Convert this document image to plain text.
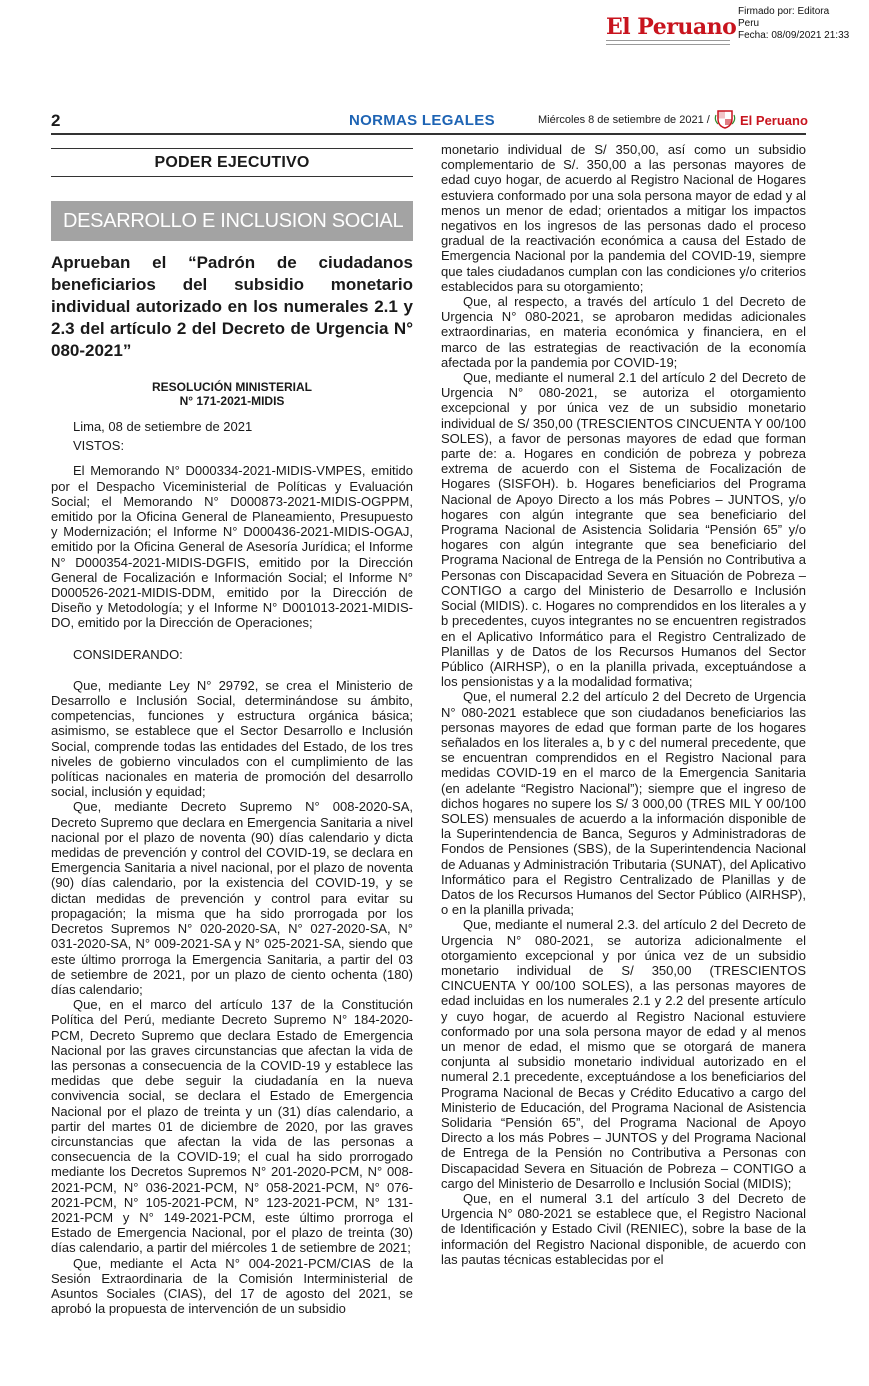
El Peruano
Firmado por: Editora
Peru
Fecha: 08/09/2021 21:33
2	NORMAS LEGALES	Miércoles 8 de setiembre de 2021 / El Peruano
PODER EJECUTIVO
DESARROLLO E INCLUSION SOCIAL
Aprueban el “Padrón de ciudadanos beneficiarios del subsidio monetario individual autorizado en los numerales 2.1 y 2.3 del artículo 2 del Decreto de Urgencia N° 080-2021”
RESOLUCIÓN MINISTERIAL
N° 171-2021-MIDIS

Lima, 08 de setiembre de 2021

VISTOS:

El Memorando N° D000334-2021-MIDIS-VMPES, emitido por el Despacho Viceministerial de Políticas y Evaluación Social; el Memorando N° D000873-2021-MIDIS-OGPPM, emitido por la Oficina General de Planeamiento, Presupuesto y Modernización; el Informe N° D000436-2021-MIDIS-OGAJ, emitido por la Oficina General de Asesoría Jurídica; el Informe N° D000354-2021-MIDIS-DGFIS, emitido por la Dirección General de Focalización e Información Social; el Informe N° D000526-2021-MIDIS-DDM, emitido por la Dirección de Diseño y Metodología; y el Informe N° D001013-2021-MIDIS-DO, emitido por la Dirección de Operaciones;

CONSIDERANDO:

Que, mediante Ley N° 29792, se crea el Ministerio de Desarrollo e Inclusión Social, determinándose su ámbito, competencias, funciones y estructura orgánica básica; asimismo, se establece que el Sector Desarrollo e Inclusión Social, comprende todas las entidades del Estado, de los tres niveles de gobierno vinculados con el cumplimiento de las políticas nacionales en materia de promoción del desarrollo social, inclusión y equidad;

Que, mediante Decreto Supremo N° 008-2020-SA, Decreto Supremo que declara en Emergencia Sanitaria a nivel nacional por el plazo de noventa (90) días calendario y dicta medidas de prevención y control del COVID-19, se declara en Emergencia Sanitaria a nivel nacional, por el plazo de noventa (90) días calendario, por la existencia del COVID-19, y se dictan medidas de prevención y control para evitar su propagación; la misma que ha sido prorrogada por los Decretos Supremos N° 020-2020-SA, N° 027-2020-SA, N° 031-2020-SA, N° 009-2021-SA y N° 025-2021-SA, siendo que este último prorroga la Emergencia Sanitaria, a partir del 03 de setiembre de 2021, por un plazo de ciento ochenta (180) días calendario;

Que, en el marco del artículo 137 de la Constitución Política del Perú, mediante Decreto Supremo N° 184-2020-PCM, Decreto Supremo que declara Estado de Emergencia Nacional por las graves circunstancias que afectan la vida de las personas a consecuencia de la COVID-19 y establece las medidas que debe seguir la ciudadanía en la nueva convivencia social, se declara el Estado de Emergencia Nacional por el plazo de treinta y un (31) días calendario, a partir del martes 01 de diciembre de 2020, por las graves circunstancias que afectan la vida de las personas a consecuencia de la COVID-19; el cual ha sido prorrogado mediante los Decretos Supremos N° 201-2020-PCM, N° 008-2021-PCM, N° 036-2021-PCM, N° 058-2021-PCM, N° 076-2021-PCM, N° 105-2021-PCM, N° 123-2021-PCM, N° 131-2021-PCM y N° 149-2021-PCM, este último prorroga el Estado de Emergencia Nacional, por el plazo de treinta (30) días calendario, a partir del miércoles 1 de setiembre de 2021;

Que, mediante el Acta N° 004-2021-PCM/CIAS de la Sesión Extraordinaria de la Comisión Interministerial de Asuntos Sociales (CIAS), del 17 de agosto del 2021, se aprobó la propuesta de intervención de un subsidio

monetario individual de S/ 350,00, así como un subsidio complementario de S/. 350,00 a las personas mayores de edad cuyo hogar, de acuerdo al Registro Nacional de Hogares estuviera conformado por una sola persona mayor de edad y al menos un menor de edad; orientados a mitigar los impactos negativos en los ingresos de las personas dado el proceso gradual de la reactivación económica a causa del Estado de Emergencia Nacional por la pandemia del COVID-19, siempre que tales ciudadanos cumplan con las condiciones y/o criterios establecidos para su otorgamiento;

Que, al respecto, a través del artículo 1 del Decreto de Urgencia N° 080-2021, se aprobaron medidas adicionales extraordinarias, en materia económica y financiera, en el marco de las estrategias de reactivación de la economía afectada por la pandemia por COVID-19;

Que, mediante el numeral 2.1 del artículo 2 del Decreto de Urgencia N° 080-2021, se autoriza el otorgamiento excepcional y por única vez de un subsidio monetario individual de S/ 350,00 (TRESCIENTOS CINCUENTA Y 00/100 SOLES), a favor de personas mayores de edad que forman parte de: a. Hogares en condición de pobreza y pobreza extrema de acuerdo con el Sistema de Focalización de Hogares (SISFOH). b. Hogares beneficiarios del Programa Nacional de Apoyo Directo a los más Pobres – JUNTOS, y/o hogares con algún integrante que sea beneficiario del Programa Nacional de Asistencia Solidaria “Pensión 65” y/o hogares con algún integrante que sea beneficiario del Programa Nacional de Entrega de la Pensión no Contributiva a Personas con Discapacidad Severa en Situación de Pobreza – CONTIGO a cargo del Ministerio de Desarrollo e Inclusión Social (MIDIS). c. Hogares no comprendidos en los literales a y b precedentes, cuyos integrantes no se encuentren registrados en el Aplicativo Informático para el Registro Centralizado de Planillas y de Datos de los Recursos Humanos del Sector Público (AIRHSP), o en la planilla privada, exceptuándose a los pensionistas y a la modalidad formativa;

Que, el numeral 2.2 del artículo 2 del Decreto de Urgencia N° 080-2021 establece que son ciudadanos beneficiarios las personas mayores de edad que forman parte de los hogares señalados en los literales a, b y c del numeral precedente, que se encuentran comprendidos en el Registro Nacional para medidas COVID-19 en el marco de la Emergencia Sanitaria (en adelante “Registro Nacional”); siempre que el ingreso de dichos hogares no supere los S/ 3 000,00 (TRES MIL Y 00/100 SOLES) mensuales de acuerdo a la información disponible de la Superintendencia de Banca, Seguros y Administradoras de Fondos de Pensiones (SBS), de la Superintendencia Nacional de Aduanas y Administración Tributaria (SUNAT), del Aplicativo Informático para el Registro Centralizado de Planillas y de Datos de los Recursos Humanos del Sector Público (AIRHSP), o en la planilla privada;

Que, mediante el numeral 2.3. del artículo 2 del Decreto de Urgencia N° 080-2021, se autoriza adicionalmente el otorgamiento excepcional y por única vez de un subsidio monetario individual de S/ 350,00 (TRESCIENTOS CINCUENTA Y 00/100 SOLES), a las personas mayores de edad incluidas en los numerales 2.1 y 2.2 del presente artículo y cuyo hogar, de acuerdo al Registro Nacional estuviere conformado por una sola persona mayor de edad y al menos un menor de edad, el mismo que se otorgará de manera conjunta al subsidio monetario individual autorizado en el numeral 2.1 precedente, exceptuándose a los beneficiarios del Programa Nacional de Becas y Crédito Educativo a cargo del Ministerio de Educación, del Programa Nacional de Asistencia Solidaria “Pensión 65”, del Programa Nacional de Apoyo Directo a los más Pobres – JUNTOS y del Programa Nacional de Entrega de la Pensión no Contributiva a Personas con Discapacidad Severa en Situación de Pobreza – CONTIGO a cargo del Ministerio de Desarrollo e Inclusión Social (MIDIS);

Que, en el numeral 3.1 del artículo 3 del Decreto de Urgencia N° 080-2021 se establece que, el Registro Nacional de Identificación y Estado Civil (RENIEC), sobre la base de la información del Registro Nacional disponible, de acuerdo con las pautas técnicas establecidas por el
